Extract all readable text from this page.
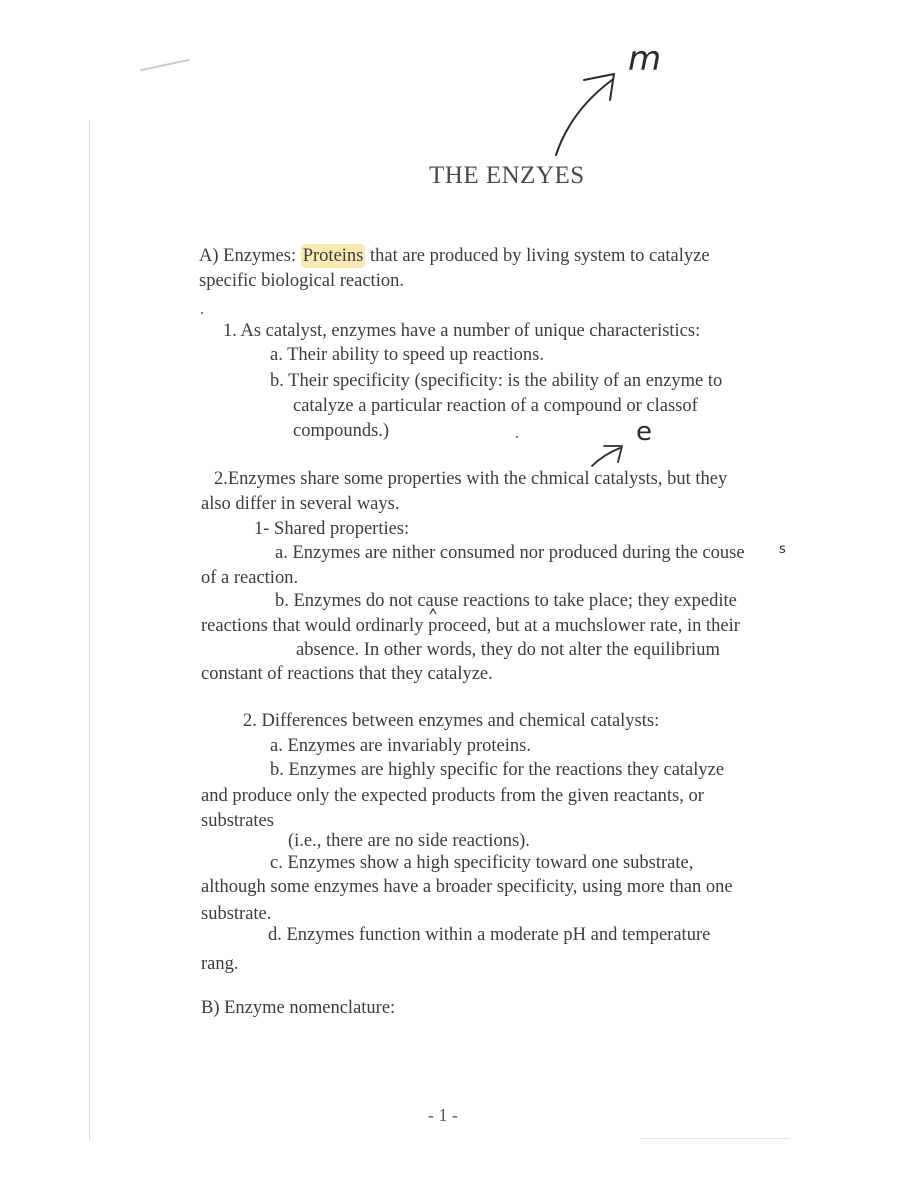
m
e
s
THE ENZYES
A) Enzymes: Proteins that are produced by living system to catalyze
specific biological reaction.
1. As catalyst, enzymes have a number of unique characteristics:
a. Their ability to speed up reactions.
b. Their specificity (specificity: is the ability of an enzyme to
catalyze a particular reaction of a compound or classof
compounds.)
2.Enzymes share some properties with the chmical catalysts, but they
also differ in several ways.
1- Shared properties:
a. Enzymes are nither consumed nor produced during the couse
of a reaction.
b. Enzymes do not cause reactions to take place; they expedite
reactions that would ordinarly proceed, but at a muchslower rate, in their
absence. In other words, they do not alter the equilibrium
constant of reactions that they catalyze.
2. Differences between enzymes and chemical catalysts:
a. Enzymes are invariably proteins.
b. Enzymes are highly specific for the reactions they catalyze
and produce only the expected products from the given reactants, or
substrates
(i.e., there are no side reactions).
c. Enzymes show a high specificity toward one substrate,
although some enzymes have a broader specificity, using more than one
substrate.
d. Enzymes function within a moderate pH and temperature
rang.
B) Enzyme nomenclature:
- 1 -
